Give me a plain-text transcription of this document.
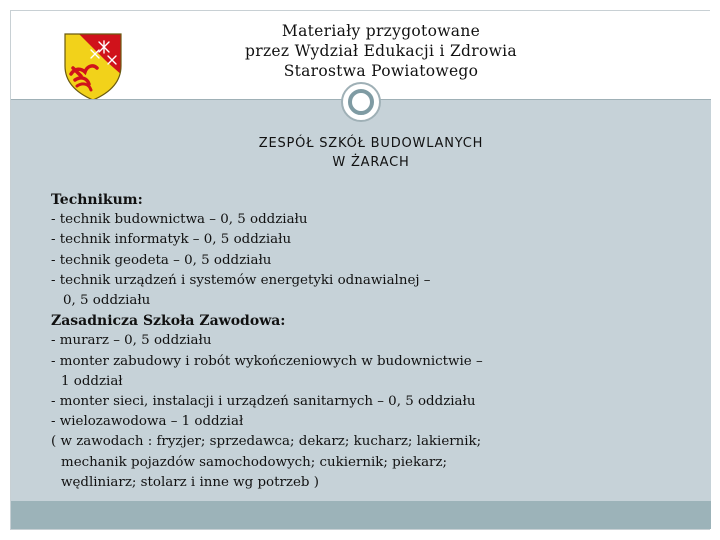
Materiały przygotowane
przez Wydział Edukacji i Zdrowia
Starostwa Powiatowego
ZESPÓŁ SZKÓŁ BUDOWLANYCH
W ŻARACH
Technikum:
- technik budownictwa – 0, 5 oddziału
- technik informatyk – 0, 5 oddziału
- technik geodeta – 0, 5 oddziału
- technik urządzeń i systemów energetyki odnawialnej –
0, 5 oddziału
Zasadnicza Szkoła Zawodowa:
- murarz – 0, 5 oddziału
- monter zabudowy i robót wykończeniowych w budownictwie –
1 oddział
- monter sieci, instalacji i urządzeń sanitarnych – 0, 5 oddziału
- wielozawodowa – 1 oddział
( w zawodach : fryzjer; sprzedawca; dekarz; kucharz; lakiernik;
mechanik pojazdów samochodowych; cukiernik; piekarz;
wędliniarz; stolarz i inne wg potrzeb )
